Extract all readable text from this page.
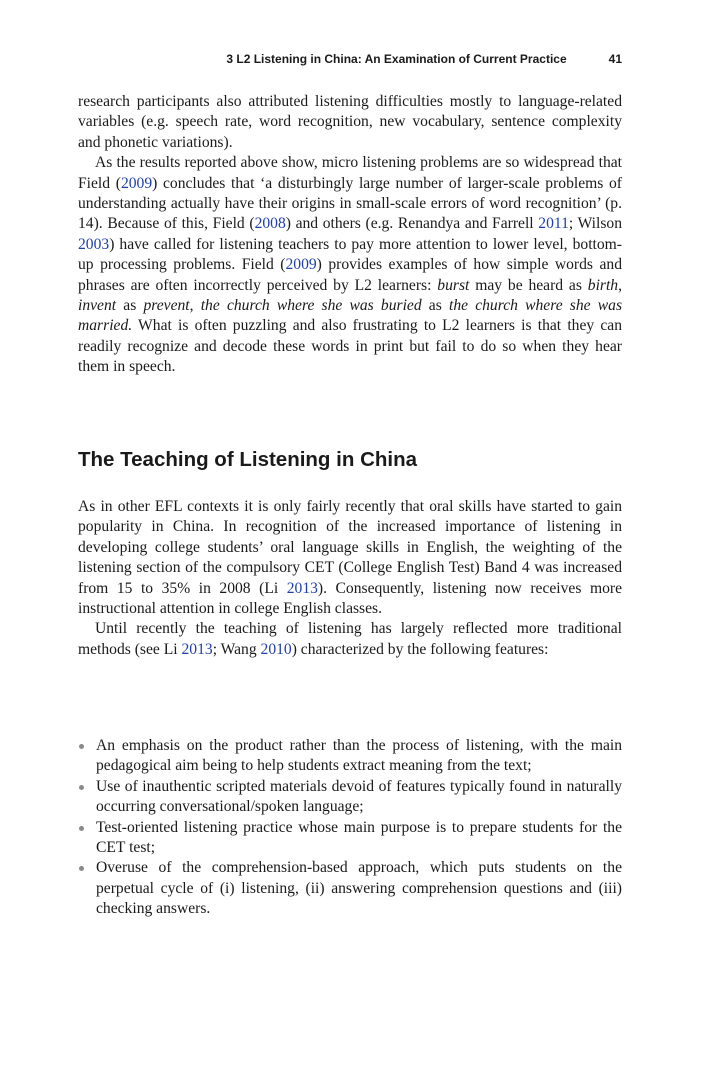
3 L2 Listening in China: An Examination of Current Practice	41

research participants also attributed listening difficulties mostly to language-related variables (e.g. speech rate, word recognition, new vocabulary, sentence complexity and phonetic variations).

As the results reported above show, micro listening problems are so widespread that Field (2009) concludes that ‘a disturbingly large number of larger-scale problems of understanding actually have their origins in small-scale errors of word recognition’ (p. 14). Because of this, Field (2008) and others (e.g. Renandya and Farrell 2011; Wilson 2003) have called for listening teachers to pay more attention to lower level, bottom-up processing problems. Field (2009) provides examples of how simple words and phrases are often incorrectly perceived by L2 learners: burst may be heard as birth, invent as prevent, the church where she was buried as the church where she was married. What is often puzzling and also frustrating to L2 learners is that they can readily recognize and decode these words in print but fail to do so when they hear them in speech.

The Teaching of Listening in China

As in other EFL contexts it is only fairly recently that oral skills have started to gain popularity in China. In recognition of the increased importance of listening in developing college students’ oral language skills in English, the weighting of the listening section of the compulsory CET (College English Test) Band 4 was increased from 15 to 35% in 2008 (Li 2013). Consequently, listening now receives more instructional attention in college English classes.

Until recently the teaching of listening has largely reflected more traditional methods (see Li 2013; Wang 2010) characterized by the following features:

An emphasis on the product rather than the process of listening, with the main pedagogical aim being to help students extract meaning from the text;
Use of inauthentic scripted materials devoid of features typically found in naturally occurring conversational/spoken language;
Test-oriented listening practice whose main purpose is to prepare students for the CET test;
Overuse of the comprehension-based approach, which puts students on the perpetual cycle of (i) listening, (ii) answering comprehension questions and (iii) checking answers.
